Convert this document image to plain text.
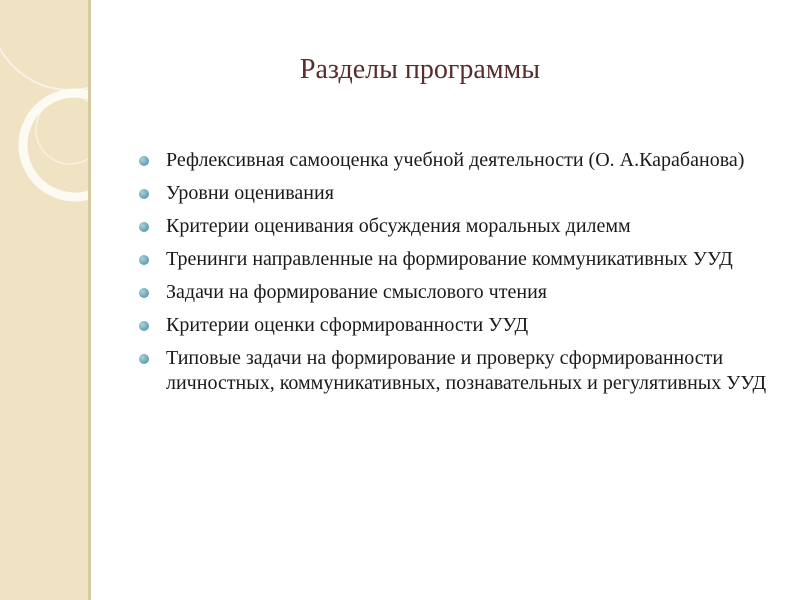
Разделы программы
Рефлексивная самооценка учебной деятельности (О. А.Карабанова)
Уровни оценивания
Критерии оценивания обсуждения моральных дилемм
Тренинги направленные на формирование коммуникативных УУД
Задачи на формирование смыслового чтения
Критерии оценки сформированности УУД
Типовые задачи на формирование и проверку сформированности личностных, коммуникативных, познавательных и регулятивных УУД
